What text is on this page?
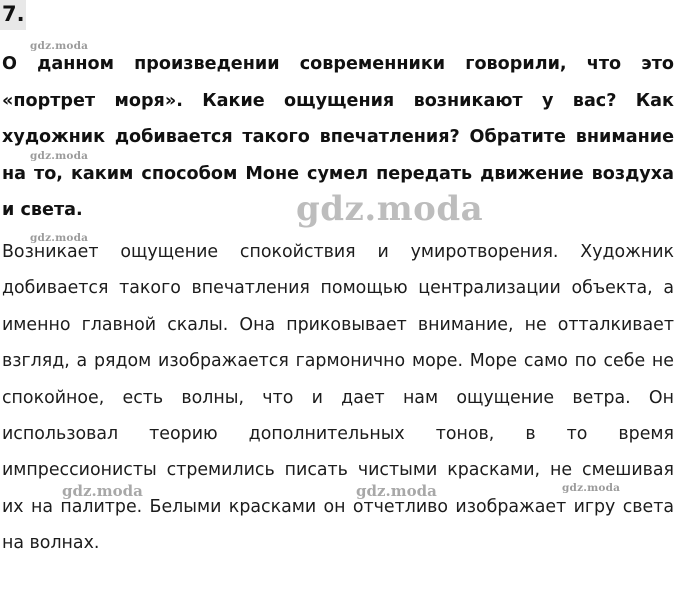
7.

О данном произведении современники говорили, что это «портрет моря». Какие ощущения возникают у вас? Как художник добивается такого впечатления? Обратите внимание на то, каким способом Моне сумел передать движение воздуха и света.

Возникает ощущение спокойствия и умиротворения. Художник добивается такого впечатления помощью централизации объекта, а именно главной скалы. Она приковывает внимание, не отталкивает взгляд, а рядом изображается гармонично море. Море само по себе не спокойное, есть волны, что и дает нам ощущение ветра. Он использовал теорию дополнительных тонов, в то время импрессионисты стремились писать чистыми красками, не смешивая их на палитре. Белыми красками он отчетливо изображает игру света на волнах.

gdz.moda
gdz.moda
gdz.moda
gdz.moda
gdz.moda	gdz.moda	gdz.moda
